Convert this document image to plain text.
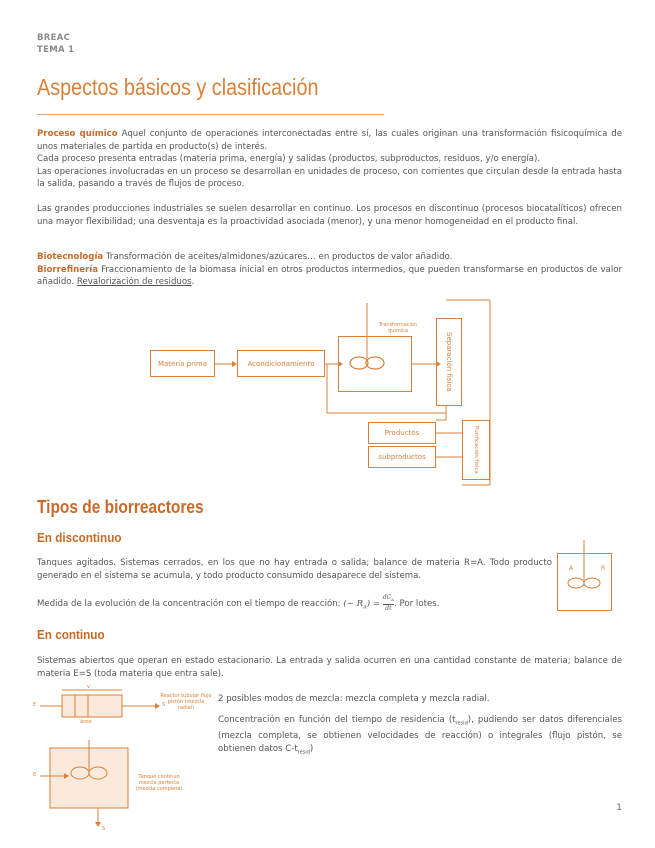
BREAC
TEMA 1
Aspectos básicos y clasificación
Proceso químico Aquel conjunto de operaciones interconectadas entre sí, las cuales originan una transformación fisicoquímica de unos materiales de partida en producto(s) de interés.
Cada proceso presenta entradas (materia prima, energía) y salidas (productos, subproductos, residuos, y/o energía).
Las operaciones involucradas en un proceso se desarrollan en unidades de proceso, con corrientes que circulan desde la entrada hasta la salida, pasando a través de flujos de proceso.
Las grandes producciones industriales se suelen desarrollar en continuo. Los procesos en discontinuo (procesos biocatalíticos) ofrecen una mayor flexibilidad; una desventaja es la proactividad asociada (menor), y una menor homogeneidad en el producto final.
Biotecnología Transformación de aceites/almidones/azúcares… en productos de valor añadido.
Biorrefinería Fraccionamiento de la biomasa inicial en otros productos intermedios, que pueden transformarse en productos de valor añadido. Revalorización de residuos.
Materia prima	Acondicionamiento
Transformación química
Separación física
Productos
subproductos	Purificación física
Tipos de biorreactores
En discontinuo
Tanques agitados. Sistemas cerrados, en los que no hay entrada o salida; balance de materia R=A. Todo producto generado en el sistema se acumula, y todo producto consumido desaparece del sistema.
Medida de la evolución de la concentración con el tiempo de reacción: (− $R_A$) =
$dC_A$
dt . Por lotes.
A	R
En continuo
Sistemas abiertos que operan en estado estacionario. La entrada y salida ocurren en una cantidad constante de materia; balance de materia E=S (toda materia que entra sale).
2 posibles modos de mezcla: mezcla completa y mezcla radial.
Concentración en función del tiempo de residencia $(t_{resid})$, pudiendo ser datos diferenciales (mezcla completa, se obtienen velocidades de reacción) o integrales (flujo pistón, se obtienen datos $C-t_{resid}$)
E	S
v
área
Reactor tubular flujo pistón (mezcla radial)
E
S
Tanque continuo mezcla perfecta (mezcla completa)
1
